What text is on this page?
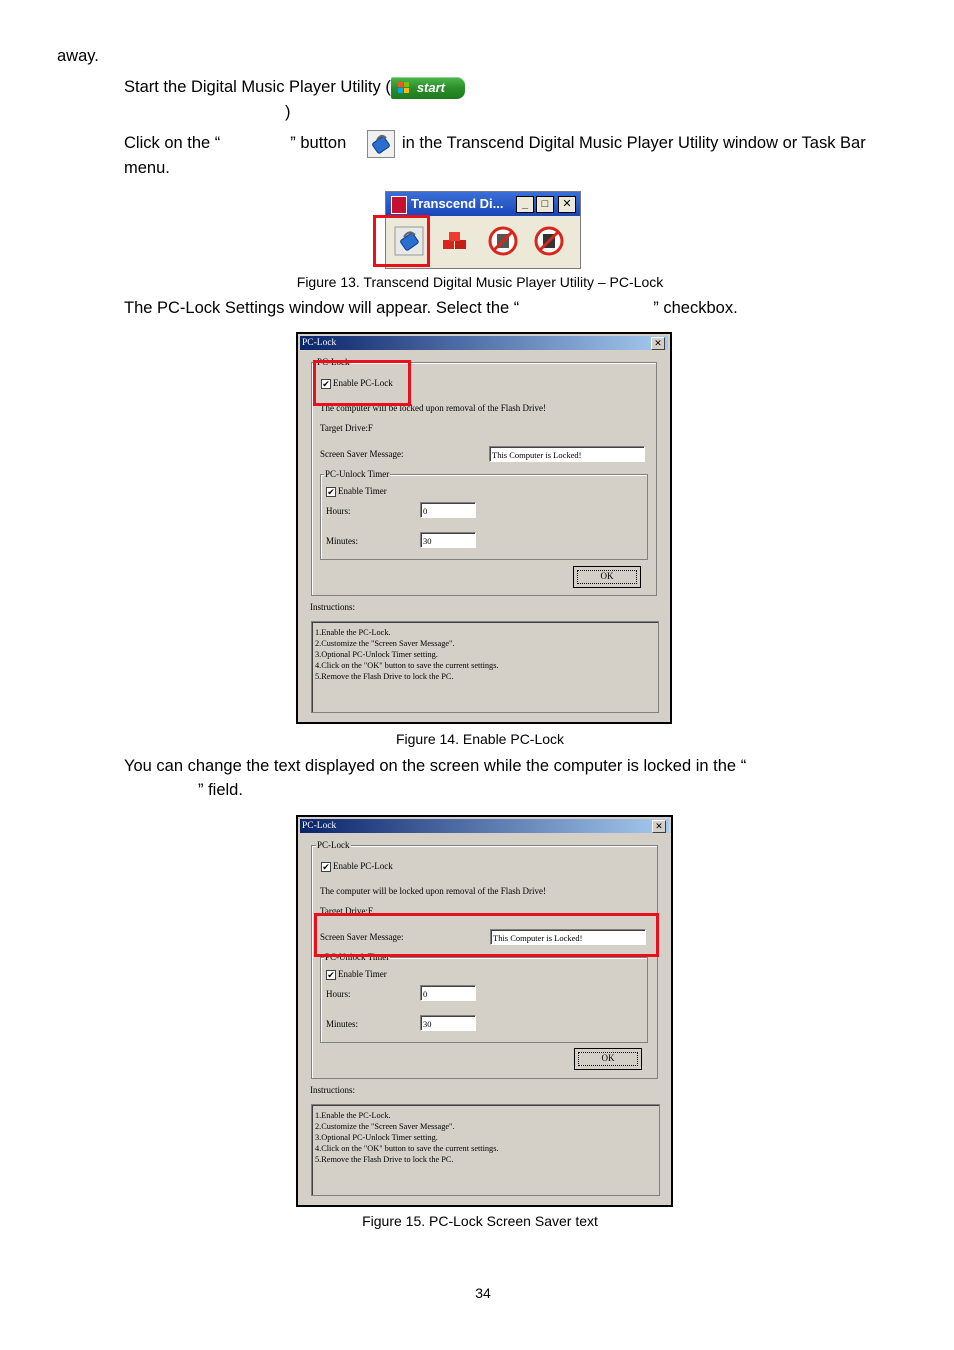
away.
Start the Digital Music Player Utility ( start
)
Click on the “	” button	in the Transcend Digital Music Player Utility window or Task Bar
menu.
Transcend Di...	_	□	✕
Figure 13. Transcend Digital Music Player Utility – PC-Lock
The PC-Lock Settings window will appear. Select the “	” checkbox.
PC-Lock	✕
PC-Lock
✔ Enable PC-Lock
The computer will be locked upon removal of the Flash Drive!
Target Drive:F
Screen Saver Message:	This Computer is Locked!
PC-Unlock Timer
✔ Enable Timer
Hours:	0
Minutes:	30
OK
Instructions:
1.Enable the PC-Lock.
2.Customize the "Screen Saver Message".
3.Optional PC-Unlock Timer setting.
4.Click on the "OK" button to save the current settings.
5.Remove the Flash Drive to lock the PC.
Figure 14. Enable PC-Lock
You can change the text displayed on the screen while the computer is locked in the “
” field.
PC-Lock	✕
PC-Lock
✔ Enable PC-Lock
The computer will be locked upon removal of the Flash Drive!
Target Drive:F
Screen Saver Message:	This Computer is Locked!
PC-Unlock Timer
✔ Enable Timer
Hours:	0
Minutes:	30
OK
Instructions:
1.Enable the PC-Lock.
2.Customize the "Screen Saver Message".
3.Optional PC-Unlock Timer setting.
4.Click on the "OK" button to save the current settings.
5.Remove the Flash Drive to lock the PC.
Figure 15. PC-Lock Screen Saver text
34
